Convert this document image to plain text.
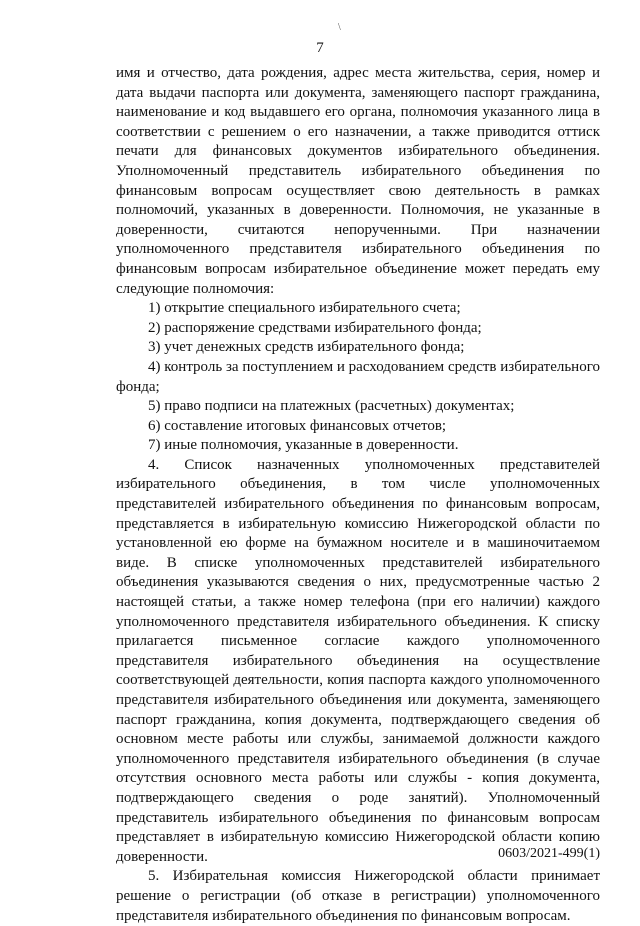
\
7

имя и отчество, дата рождения, адрес места жительства, серия, номер и дата выдачи паспорта или документа, заменяющего паспорт гражданина, наименование и код выдавшего его органа, полномочия указанного лица в соответствии с решением о его назначении, а также приводится оттиск печати для финансовых документов избирательного объединения. Уполномоченный представитель избирательного объединения по финансовым вопросам осуществляет свою деятельность в рамках полномочий, указанных в доверенности. Полномочия, не указанные в доверенности, считаются непорученными. При назначении уполномоченного представителя избирательного объединения по финансовым вопросам избирательное объединение может передать ему следующие полномочия:

1) открытие специального избирательного счета;
2) распоряжение средствами избирательного фонда;
3) учет денежных средств избирательного фонда;
4) контроль за поступлением и расходованием средств избирательного фонда;
5) право подписи на платежных (расчетных) документах;
6) составление итоговых финансовых отчетов;
7) иные полномочия, указанные в доверенности.

4. Список назначенных уполномоченных представителей избирательного объединения, в том числе уполномоченных представителей избирательного объединения по финансовым вопросам, представляется в избирательную комиссию Нижегородской области по установленной ею форме на бумажном носителе и в машиночитаемом виде. В списке уполномоченных представителей избирательного объединения указываются сведения о них, предусмотренные частью 2 настоящей статьи, а также номер телефона (при его наличии) каждого уполномоченного представителя избирательного объединения. К списку прилагается письменное согласие каждого уполномоченного представителя избирательного объединения на осуществление соответствующей деятельности, копия паспорта каждого уполномоченного представителя избирательного объединения или документа, заменяющего паспорт гражданина, копия документа, подтверждающего сведения об основном месте работы или службы, занимаемой должности каждого уполномоченного представителя избирательного объединения (в случае отсутствия основного места работы или службы - копия документа, подтверждающего сведения о роде занятий). Уполномоченный представитель избирательного объединения по финансовым вопросам представляет в избирательную комиссию Нижегородской области копию доверенности.

5. Избирательная комиссия Нижегородской области принимает решение о регистрации (об отказе в регистрации) уполномоченного представителя избирательного объединения по финансовым вопросам.

0603/2021-499(1)
